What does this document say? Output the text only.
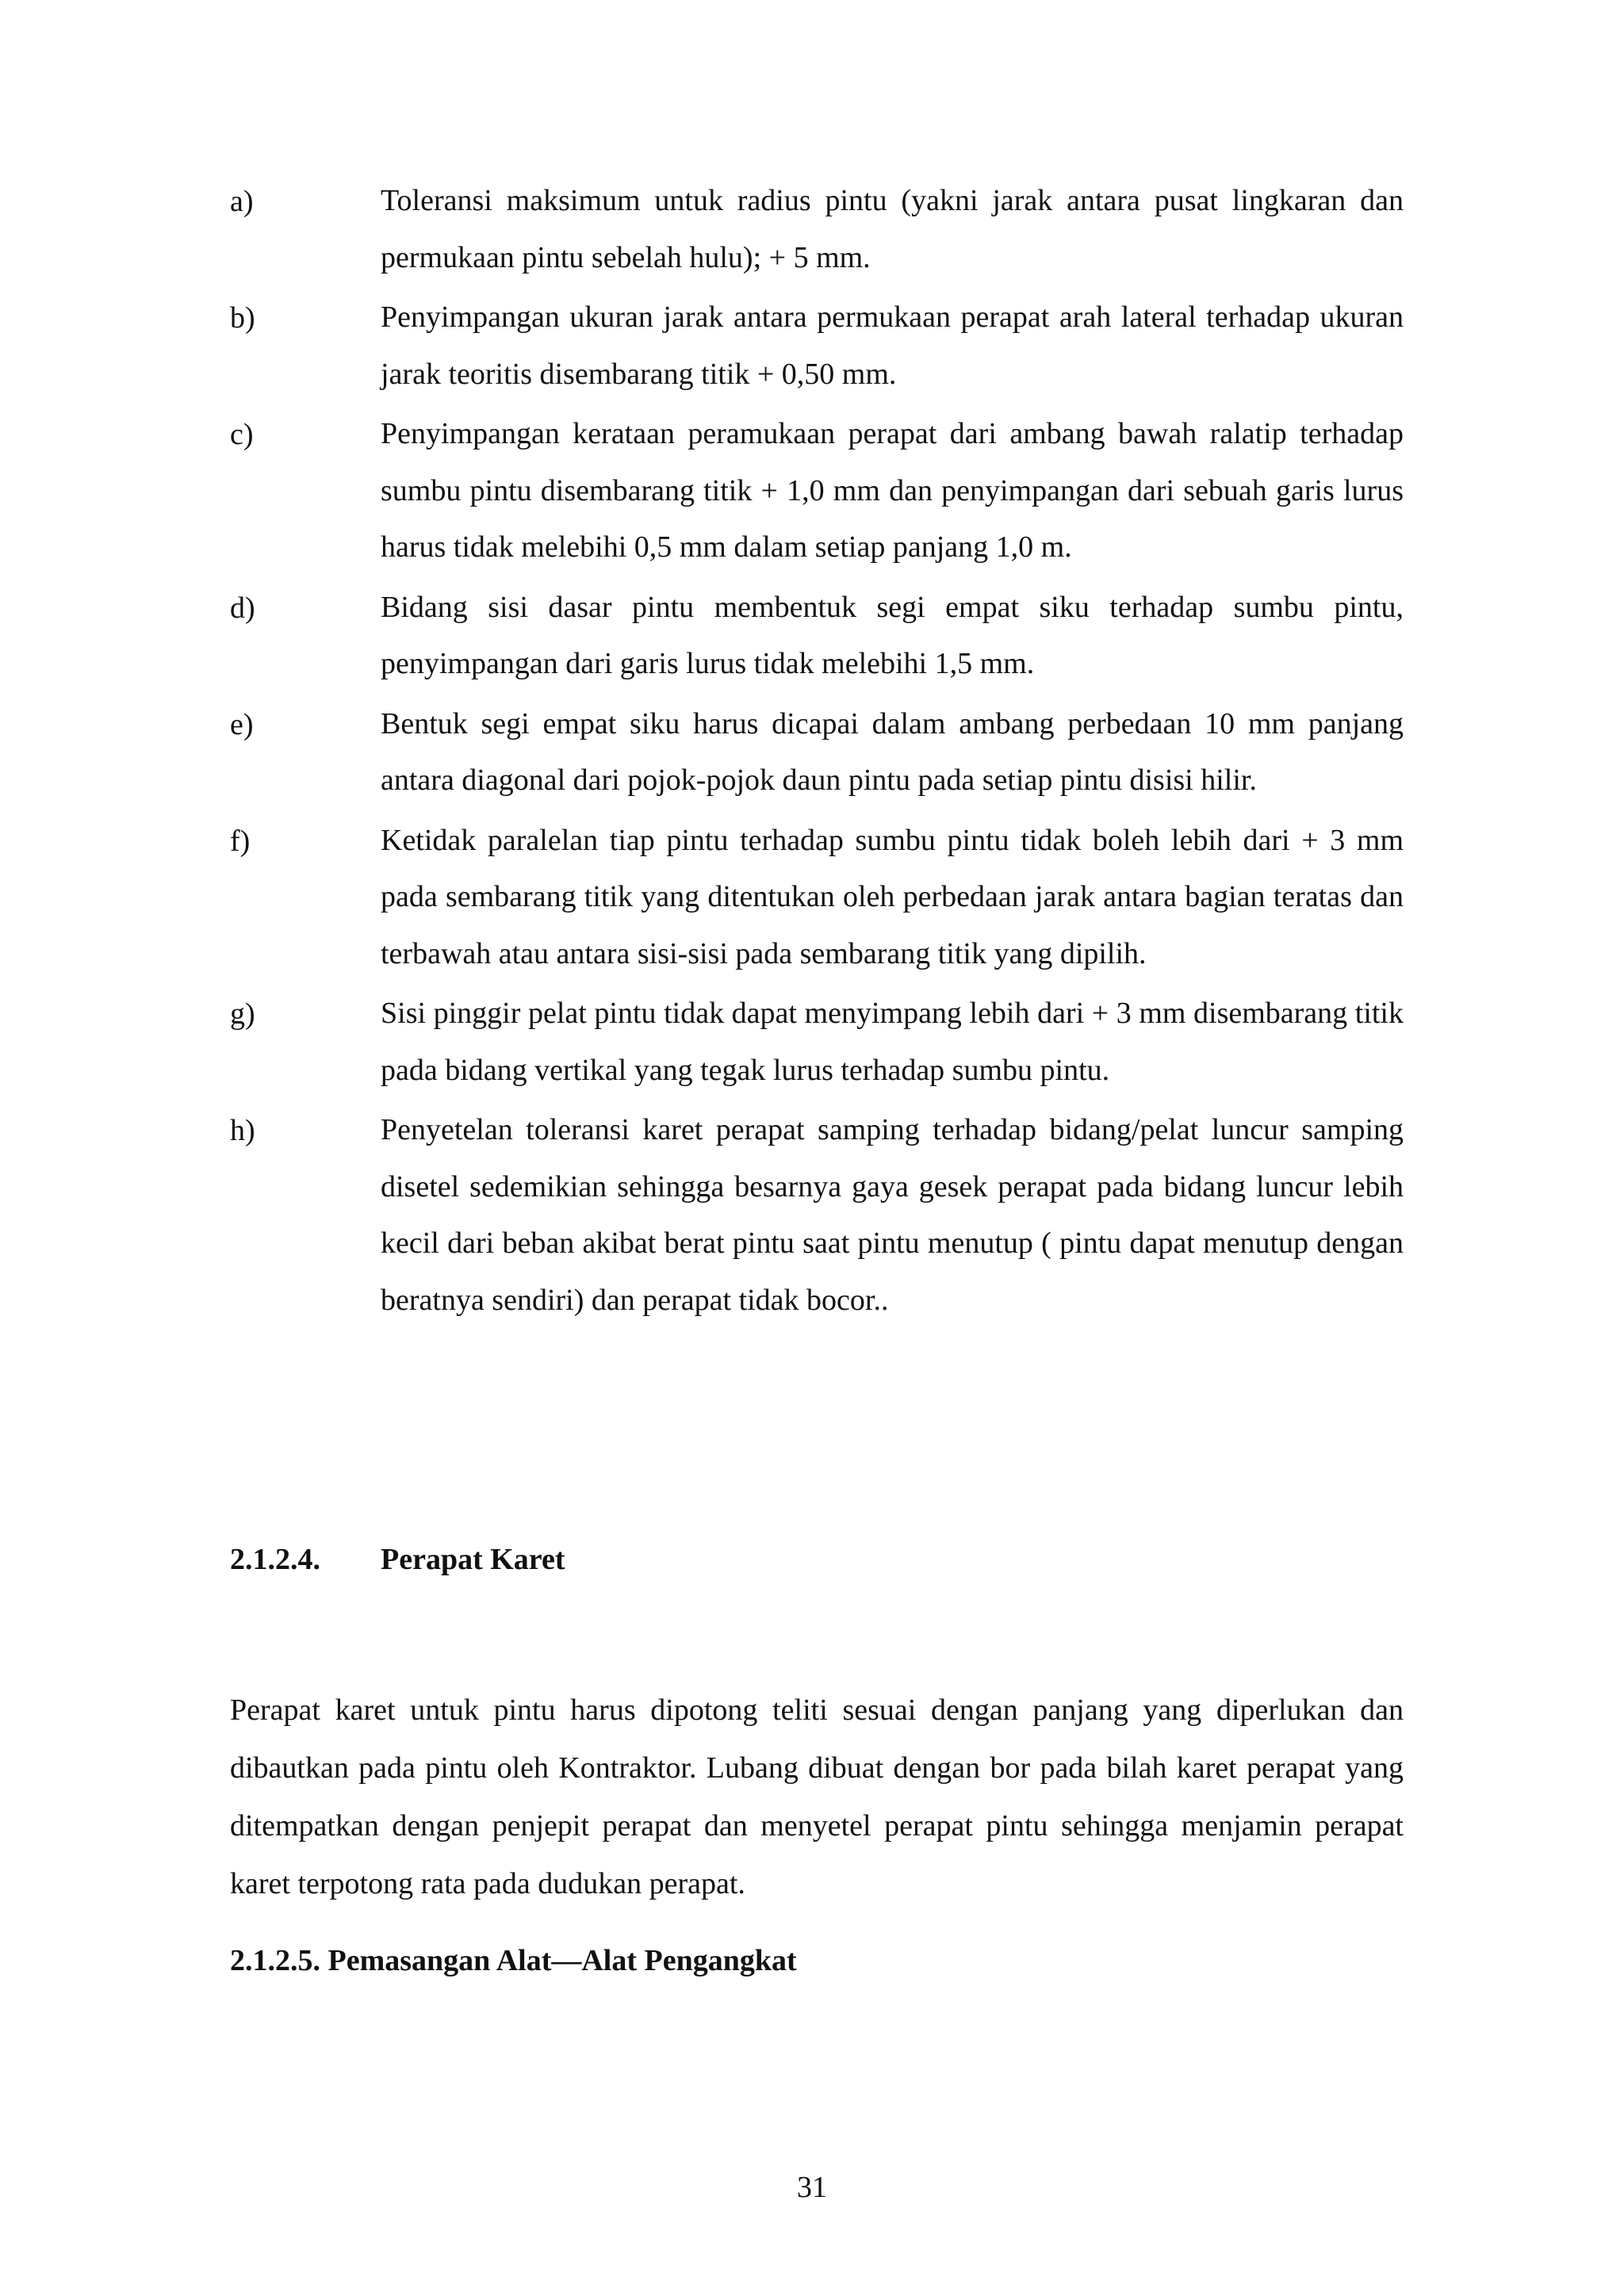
a)	Toleransi maksimum untuk radius pintu (yakni jarak antara pusat lingkaran dan permukaan pintu sebelah hulu); + 5 mm.
b)	Penyimpangan ukuran jarak antara permukaan perapat arah lateral terhadap ukuran jarak teoritis disembarang titik + 0,50 mm.
c)	Penyimpangan kerataan peramukaan perapat dari ambang bawah ralatip terhadap sumbu pintu disembarang titik + 1,0 mm dan penyimpangan dari sebuah garis lurus harus tidak melebihi 0,5 mm dalam setiap panjang 1,0 m.
d)	Bidang sisi dasar pintu membentuk segi empat siku terhadap sumbu pintu, penyimpangan dari garis lurus tidak melebihi 1,5 mm.
e)	Bentuk segi empat siku harus dicapai dalam ambang perbedaan 10 mm panjang antara diagonal dari pojok-pojok daun pintu pada setiap pintu disisi hilir.
f)	Ketidak paralelan tiap pintu terhadap sumbu pintu tidak boleh lebih dari + 3 mm pada sembarang titik yang ditentukan oleh perbedaan jarak antara bagian teratas dan terbawah atau antara sisi-sisi pada sembarang titik yang dipilih.
g)	Sisi pinggir pelat pintu tidak dapat menyimpang lebih dari + 3 mm disembarang titik pada bidang vertikal yang tegak lurus terhadap sumbu pintu.
h)	Penyetelan toleransi karet perapat samping terhadap bidang/pelat luncur samping disetel sedemikian sehingga besarnya gaya gesek perapat pada bidang luncur lebih kecil dari beban akibat berat pintu saat pintu menutup ( pintu dapat menutup dengan beratnya sendiri) dan perapat tidak bocor..
2.1.2.4.	Perapat Karet

Perapat karet untuk pintu harus dipotong teliti sesuai dengan panjang yang diperlukan dan dibautkan pada pintu oleh Kontraktor. Lubang dibuat dengan bor pada bilah karet perapat yang ditempatkan dengan penjepit perapat dan menyetel perapat pintu sehingga menjamin perapat karet terpotong rata pada dudukan perapat.

2.1.2.5. Pemasangan Alat—Alat Pengangkat
31
